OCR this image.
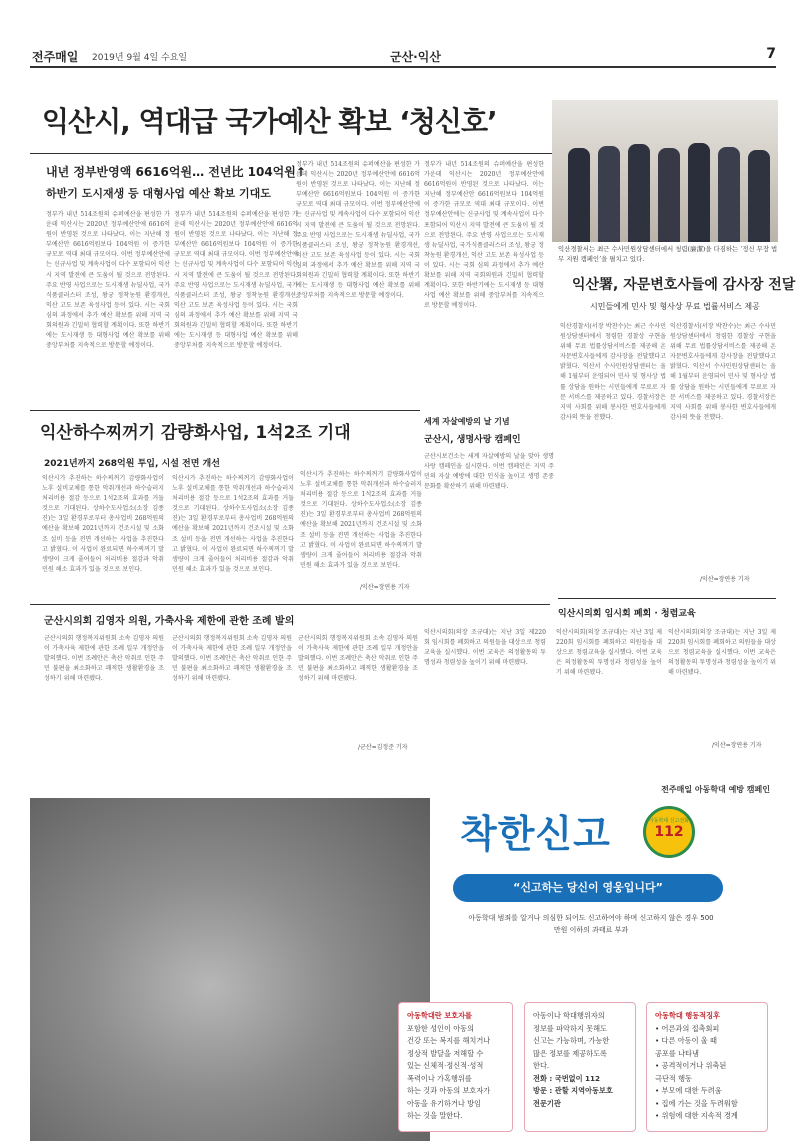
전주매일 2019년 9월 4일 수요일	군산·익산	7
익산시, 역대급 국가예산 확보 ‘청신호’
내년 정부반영액 6616억원… 전년比 104억원↑
하반기 도시재생 등 대형사업 예산 확보 기대도
정부가 내년 514조원의 슈퍼예산을 편성한 가운데 익산시는 2020년 정부예산안에 6616억원이 반영된 것으로 나타났다. 이는 지난해 정부예산안 6616억원보다 104억원 이 증가한 규모로 역대 최대 규모이다. 이번 정부예산안에는 신규사업 및 계속사업이 다수 포함되어 익산시 지역 발전에 큰 도움이 될 것으로 전망된다. 주요 반영 사업으로는 도시재생 뉴딜사업, 국가식품클러스터 조성, 왕궁 정착농원 환경개선, 익산 고도 보존 육성사업 등이 있다. 시는 국회 심의 과정에서 추가 예산 확보를 위해 지역 국회의원과 긴밀히 협력할 계획이다. 또한 하반기에는 도시재생 등 대형사업 예산 확보를 위해 중앙부처를 지속적으로 방문할 예정이다.
정부가 내년 514조원의 슈퍼예산을 편성한 가운데 익산시는 2020년 정부예산안에 6616억원이 반영된 것으로 나타났다. 이는 지난해 정부예산안 6616억원보다 104억원 이 증가한 규모로 역대 최대 규모이다. 이번 정부예산안에는 신규사업 및 계속사업이 다수 포함되어 익산시 지역 발전에 큰 도움이 될 것으로 전망된다. 주요 반영 사업으로는 도시재생 뉴딜사업, 국가식품클러스터 조성, 왕궁 정착농원 환경개선, 익산 고도 보존 육성사업 등이 있다. 시는 국회 심의 과정에서 추가 예산 확보를 위해 지역 국회의원과 긴밀히 협력할 계획이다. 또한 하반기에는 도시재생 등 대형사업 예산 확보를 위해 중앙부처를 지속적으로 방문할 예정이다.
정부가 내년 514조원의 슈퍼예산을 편성한 가운데 익산시는 2020년 정부예산안에 6616억원이 반영된 것으로 나타났다. 이는 지난해 정부예산안 6616억원보다 104억원 이 증가한 규모로 역대 최대 규모이다. 이번 정부예산안에는 신규사업 및 계속사업이 다수 포함되어 익산시 지역 발전에 큰 도움이 될 것으로 전망된다. 주요 반영 사업으로는 도시재생 뉴딜사업, 국가식품클러스터 조성, 왕궁 정착농원 환경개선, 익산 고도 보존 육성사업 등이 있다. 시는 국회 심의 과정에서 추가 예산 확보를 위해 지역 국회의원과 긴밀히 협력할 계획이다. 또한 하반기에는 도시재생 등 대형사업 예산 확보를 위해 중앙부처를 지속적으로 방문할 예정이다.
정부가 내년 514조원의 슈퍼예산을 편성한 가운데 익산시는 2020년 정부예산안에 6616억원이 반영된 것으로 나타났다. 이는 지난해 정부예산안 6616억원보다 104억원 이 증가한 규모로 역대 최대 규모이다. 이번 정부예산안에는 신규사업 및 계속사업이 다수 포함되어 익산시 지역 발전에 큰 도움이 될 것으로 전망된다. 주요 반영 사업으로는 도시재생 뉴딜사업, 국가식품클러스터 조성, 왕궁 정착농원 환경개선, 익산 고도 보존 육성사업 등이 있다. 시는 국회 심의 과정에서 추가 예산 확보를 위해 지역 국회의원과 긴밀히 협력할 계획이다. 또한 하반기에는 도시재생 등 대형사업 예산 확보를 위해 중앙부처를 지속적으로 방문할 예정이다.
익산경찰서는 최근 수사민원상담센터에서 청렴(廉潔)을 다짐하는 ‘정신 무장 법무 지원 캠페인’을 펼치고 있다.
익산署, 자문변호사들에 감사장 전달
시민들에게 민사 및 형사상 무료 법률서비스 제공
익산경찰서(서장 박찬수)는 최근 수사민원상담센터에서 청렴한 경찰상 구현을 위해 무료 법률상담서비스를 제공해 온 자문변호사들에게 감사장을 전달했다고 밝혔다. 익산서 수사민원상담센터는 올해 1월부터 운영되어 민사 및 형사상 법률 상담을 원하는 시민들에게 무료로 자문 서비스를 제공하고 있다. 경찰서장은 지역 사회를 위해 봉사한 변호사들에게 감사의 뜻을 전했다.
익산경찰서(서장 박찬수)는 최근 수사민원상담센터에서 청렴한 경찰상 구현을 위해 무료 법률상담서비스를 제공해 온 자문변호사들에게 감사장을 전달했다고 밝혔다. 익산서 수사민원상담센터는 올해 1월부터 운영되어 민사 및 형사상 법률 상담을 원하는 시민들에게 무료로 자문 서비스를 제공하고 있다. 경찰서장은 지역 사회를 위해 봉사한 변호사들에게 감사의 뜻을 전했다.
/익산=장연용 기자
익산하수찌꺼기 감량화사업, 1석2조 기대
2021년까지 268억원 투입, 시설 전면 개선
익산시가 추진하는 하수찌꺼기 감량화사업이 노후 설비교체를 통한 악취개선과 하수슬러지 처리비용 절감 등으로 1석2조의 효과를 거둘 것으로 기대된다. 상하수도사업소(소장 김종진)는 3일 환경부로부터 총사업비 268억원의 예산을 확보해 2021년까지 건조시설 및 소화조 설비 등을 전면 개선하는 사업을 추진한다고 밝혔다. 이 사업이 완료되면 하수찌꺼기 발생량이 크게 줄어들어 처리비용 절감과 악취 민원 해소 효과가 있을 것으로 보인다.
익산시가 추진하는 하수찌꺼기 감량화사업이 노후 설비교체를 통한 악취개선과 하수슬러지 처리비용 절감 등으로 1석2조의 효과를 거둘 것으로 기대된다. 상하수도사업소(소장 김종진)는 3일 환경부로부터 총사업비 268억원의 예산을 확보해 2021년까지 건조시설 및 소화조 설비 등을 전면 개선하는 사업을 추진한다고 밝혔다. 이 사업이 완료되면 하수찌꺼기 발생량이 크게 줄어들어 처리비용 절감과 악취 민원 해소 효과가 있을 것으로 보인다.
익산시가 추진하는 하수찌꺼기 감량화사업이 노후 설비교체를 통한 악취개선과 하수슬러지 처리비용 절감 등으로 1석2조의 효과를 거둘 것으로 기대된다. 상하수도사업소(소장 김종진)는 3일 환경부로부터 총사업비 268억원의 예산을 확보해 2021년까지 건조시설 및 소화조 설비 등을 전면 개선하는 사업을 추진한다고 밝혔다. 이 사업이 완료되면 하수찌꺼기 발생량이 크게 줄어들어 처리비용 절감과 악취 민원 해소 효과가 있을 것으로 보인다.
/익산=장연용 기자
세계 자살예방의 날 기념
군산시, 생명사랑 캠페인
군산시보건소는 세계 자살예방의 날을 맞아 생명사랑 캠페인을 실시한다. 이번 캠페인은 지역 주민의 자살 예방에 대한 인식을 높이고 생명 존중 문화를 확산하기 위해 마련됐다.
군산시의회 김영자 의원, 가축사육 제한에 관한 조례 발의
군산시의회 행정복지위원회 소속 김영자 의원이 가축사육 제한에 관한 조례 일부 개정안을 발의했다. 이번 조례안은 축산 악취로 인한 주민 불편을 최소화하고 쾌적한 생활환경을 조성하기 위해 마련됐다.
군산시의회 행정복지위원회 소속 김영자 의원이 가축사육 제한에 관한 조례 일부 개정안을 발의했다. 이번 조례안은 축산 악취로 인한 주민 불편을 최소화하고 쾌적한 생활환경을 조성하기 위해 마련됐다.
군산시의회 행정복지위원회 소속 김영자 의원이 가축사육 제한에 관한 조례 일부 개정안을 발의했다. 이번 조례안은 축산 악취로 인한 주민 불편을 최소화하고 쾌적한 생활환경을 조성하기 위해 마련됐다.
/군산=김정준 기자
익산시의회 임시회 폐회 · 청렴교육
익산시의회(의장 조규대)는 지난 3일 제220회 임시회를 폐회하고 의원들을 대상으로 청렴교육을 실시했다. 이번 교육은 의정활동의 투명성과 청렴성을 높이기 위해 마련됐다.
익산시의회(의장 조규대)는 지난 3일 제220회 임시회를 폐회하고 의원들을 대상으로 청렴교육을 실시했다. 이번 교육은 의정활동의 투명성과 청렴성을 높이기 위해 마련됐다.
익산시의회(의장 조규대)는 지난 3일 제220회 임시회를 폐회하고 의원들을 대상으로 청렴교육을 실시했다. 이번 교육은 의정활동의 투명성과 청렴성을 높이기 위해 마련됐다.
/익산=장연용 기자
전주매일 아동학대 예방 캠페인
착한신고	아동학대 신고전화
112
“신고하는 당신이 영웅입니다”
아동학대 범죄를 알거나 의심한 되어도 신고하여야 하며 신고하지 않은 경우 500만원 이하의 과태료 부과
아동학대란 보호자를
포함한 성인이 아동의
건강 또는 복지를 해치거나
정상적 발달을 저해할 수
있는 신체적·정신적·성적
폭력이나 가혹행위를
하는 것과 아동의 보호자가
아동을 유기하거나 방임
하는 것을 말한다.
아동이나 학대행위자의
정보를 파악하지 못해도
신고는 가능하며, 가능한
많은 정보를 제공하도록
한다.
전화 : 국번없이 112
방문 : 관할 지역아동보호
전문기관
아동학대 행동적징후
• 어른과의 접촉회피
• 다른 아동이 울 때
공포를 나타냄
• 공격적이거나 위축된
극단적 행동
• 부모에 대한 두려움
• 집에 가는 것을 두려워함
• 위험에 대한 지속적 경계
